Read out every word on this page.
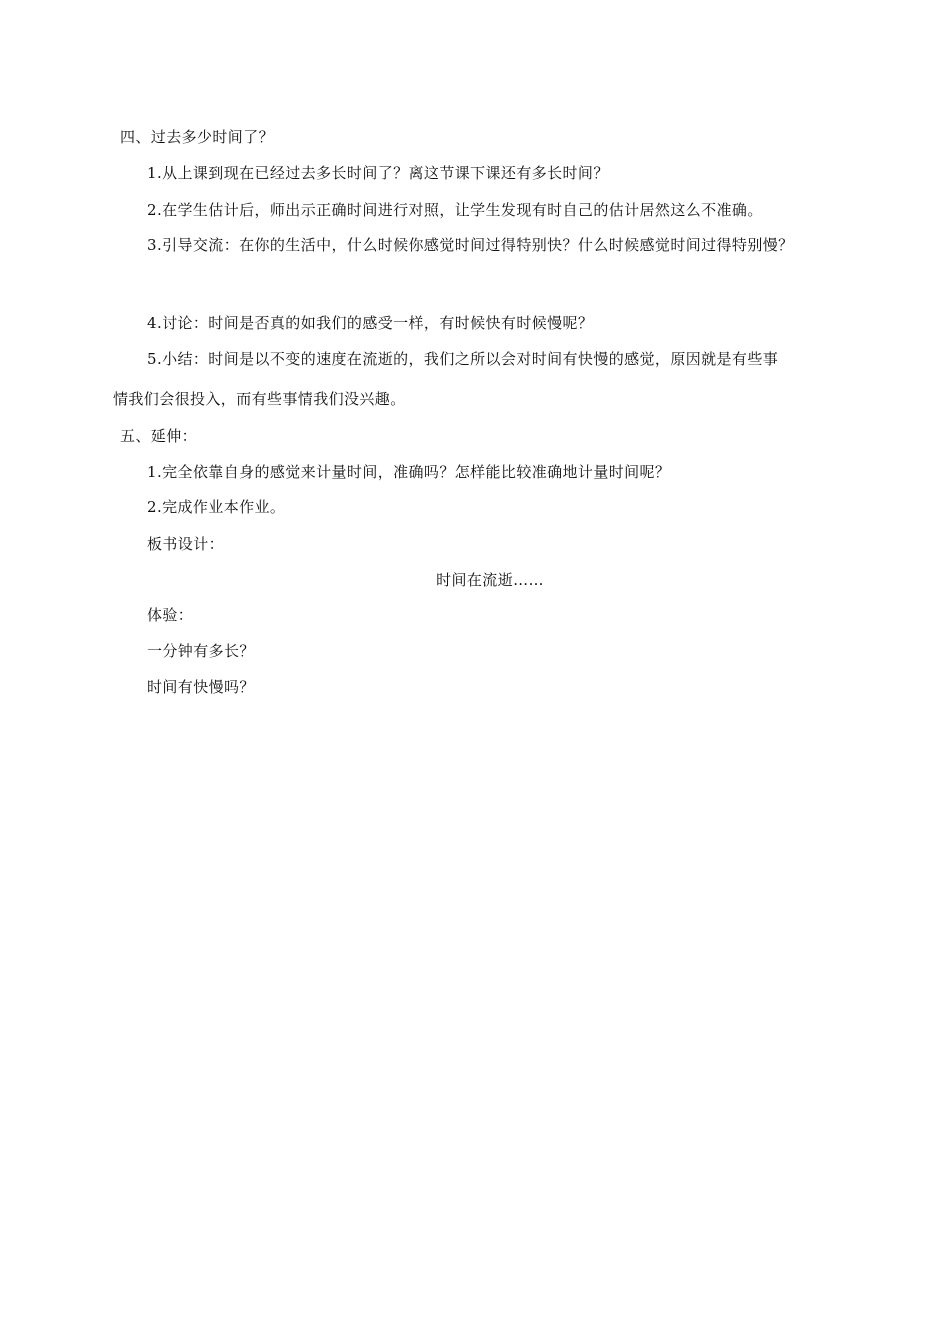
四、过去多少时间了？
1.从上课到现在已经过去多长时间了？离这节课下课还有多长时间？
2.在学生估计后，师出示正确时间进行对照，让学生发现有时自己的估计居然这么不准确。
3.引导交流：在你的生活中，什么时候你感觉时间过得特别快？什么时候感觉时间过得特别慢？
4.讨论：时间是否真的如我们的感受一样，有时候快有时候慢呢？
5.小结：时间是以不变的速度在流逝的，我们之所以会对时间有快慢的感觉，原因就是有些事
情我们会很投入，而有些事情我们没兴趣。
五、延伸：
1.完全依靠自身的感觉来计量时间，准确吗？怎样能比较准确地计量时间呢？
2.完成作业本作业。
板书设计：
时间在流逝……
体验：
一分钟有多长？
时间有快慢吗？
